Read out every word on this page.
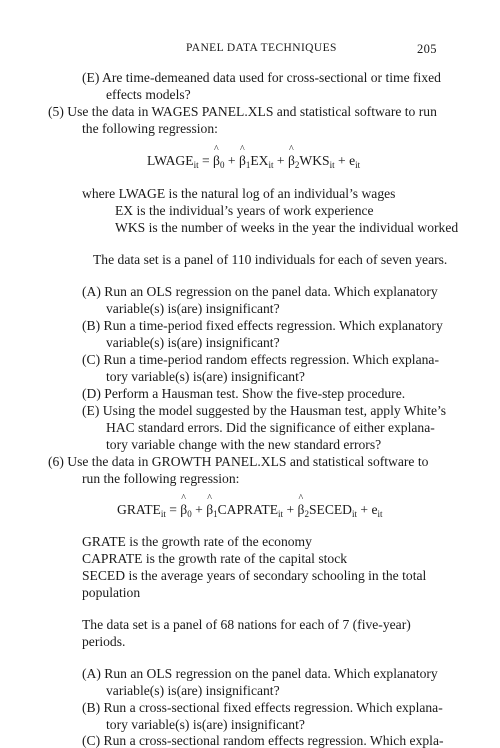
PANEL DATA TECHNIQUES	205
(E) Are time-demeaned data used for cross-sectional or time fixed
effects models?
(5) Use the data in WAGES PANEL.XLS and statistical software to run
the following regression:
$LWAGE_{it}$ = ^ $\beta_0$ + ^ $\beta_1EX_{it}$ + ^ $\beta_2WKS_{it} + e_{it}$
where LWAGE is the natural log of an individual’s wages
EX is the individual’s years of work experience
WKS is the number of weeks in the year the individual worked
The data set is a panel of 110 individuals for each of seven years.
(A) Run an OLS regression on the panel data. Which explanatory
variable(s) is(are) insignificant?
(B) Run a time-period fixed effects regression. Which explanatory
variable(s) is(are) insignificant?
(C) Run a time-period random effects regression. Which explana-
tory variable(s) is(are) insignificant?
(D) Perform a Hausman test. Show the five-step procedure.
(E) Using the model suggested by the Hausman test, apply White’s
HAC standard errors. Did the significance of either explana-
tory variable change with the new standard errors?
(6) Use the data in GROWTH PANEL.XLS and statistical software to
run the following regression:
$GRATE_{it}$ = ^ $\beta_0$ + ^ $\beta_1CAPRATE_{it}$ + ^ $\beta_2SECED_{it} + e_{it}$
GRATE is the growth rate of the economy
CAPRATE is the growth rate of the capital stock
SECED is the average years of secondary schooling in the total
population
The data set is a panel of 68 nations for each of 7 (five-year)
periods.
(A) Run an OLS regression on the panel data. Which explanatory
variable(s) is(are) insignificant?
(B) Run a cross-sectional fixed effects regression. Which explana-
tory variable(s) is(are) insignificant?
(C) Run a cross-sectional random effects regression. Which expla-
